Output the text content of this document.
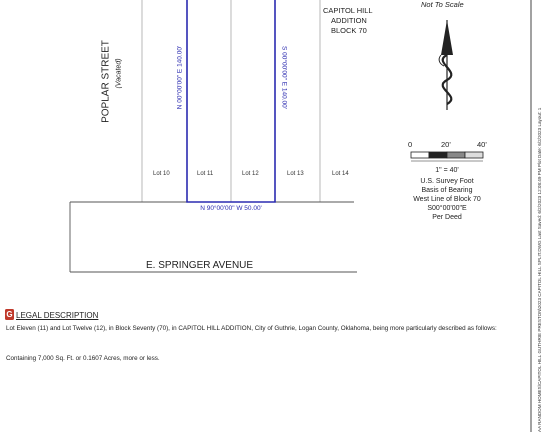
Not To Scale
CAPITOL HILL
ADDITION
BLOCK 70
POPLAR STREET (Vacated)	N 00°00'00" E 140.00'	S 00°00'00" E 140.00'
N 90°00'00" W 50.00'
Lot 10	Lot 11	Lot 12	Lot 13	Lot 14
E. SPRINGER AVENUE
0	20'	40'
1" = 40'
U.S. Survey Foot
Basis of Bearing
West Line of Block 70
S00°00'00"E
Per Deed
G LEGAL DESCRIPTION
Lot Eleven (11) and Lot Twelve (12), in Block Seventy (70), in CAPITOL HILL ADDITION, City of Guthrie, Logan County, Oklahoma, being more particularly described as follows:
Containing 7,000 Sq. Ft. or 0.1607 Acres, more or less.	AA RANDOM HOMES\CAPITOL HILL GUTHRIE PRESTON\2023 CAPITOL HILL SPLIT.DWG Last Saved: 6/2/2023 12:08:49 PM Plot Date: 6/2/2023 Layout: 1
